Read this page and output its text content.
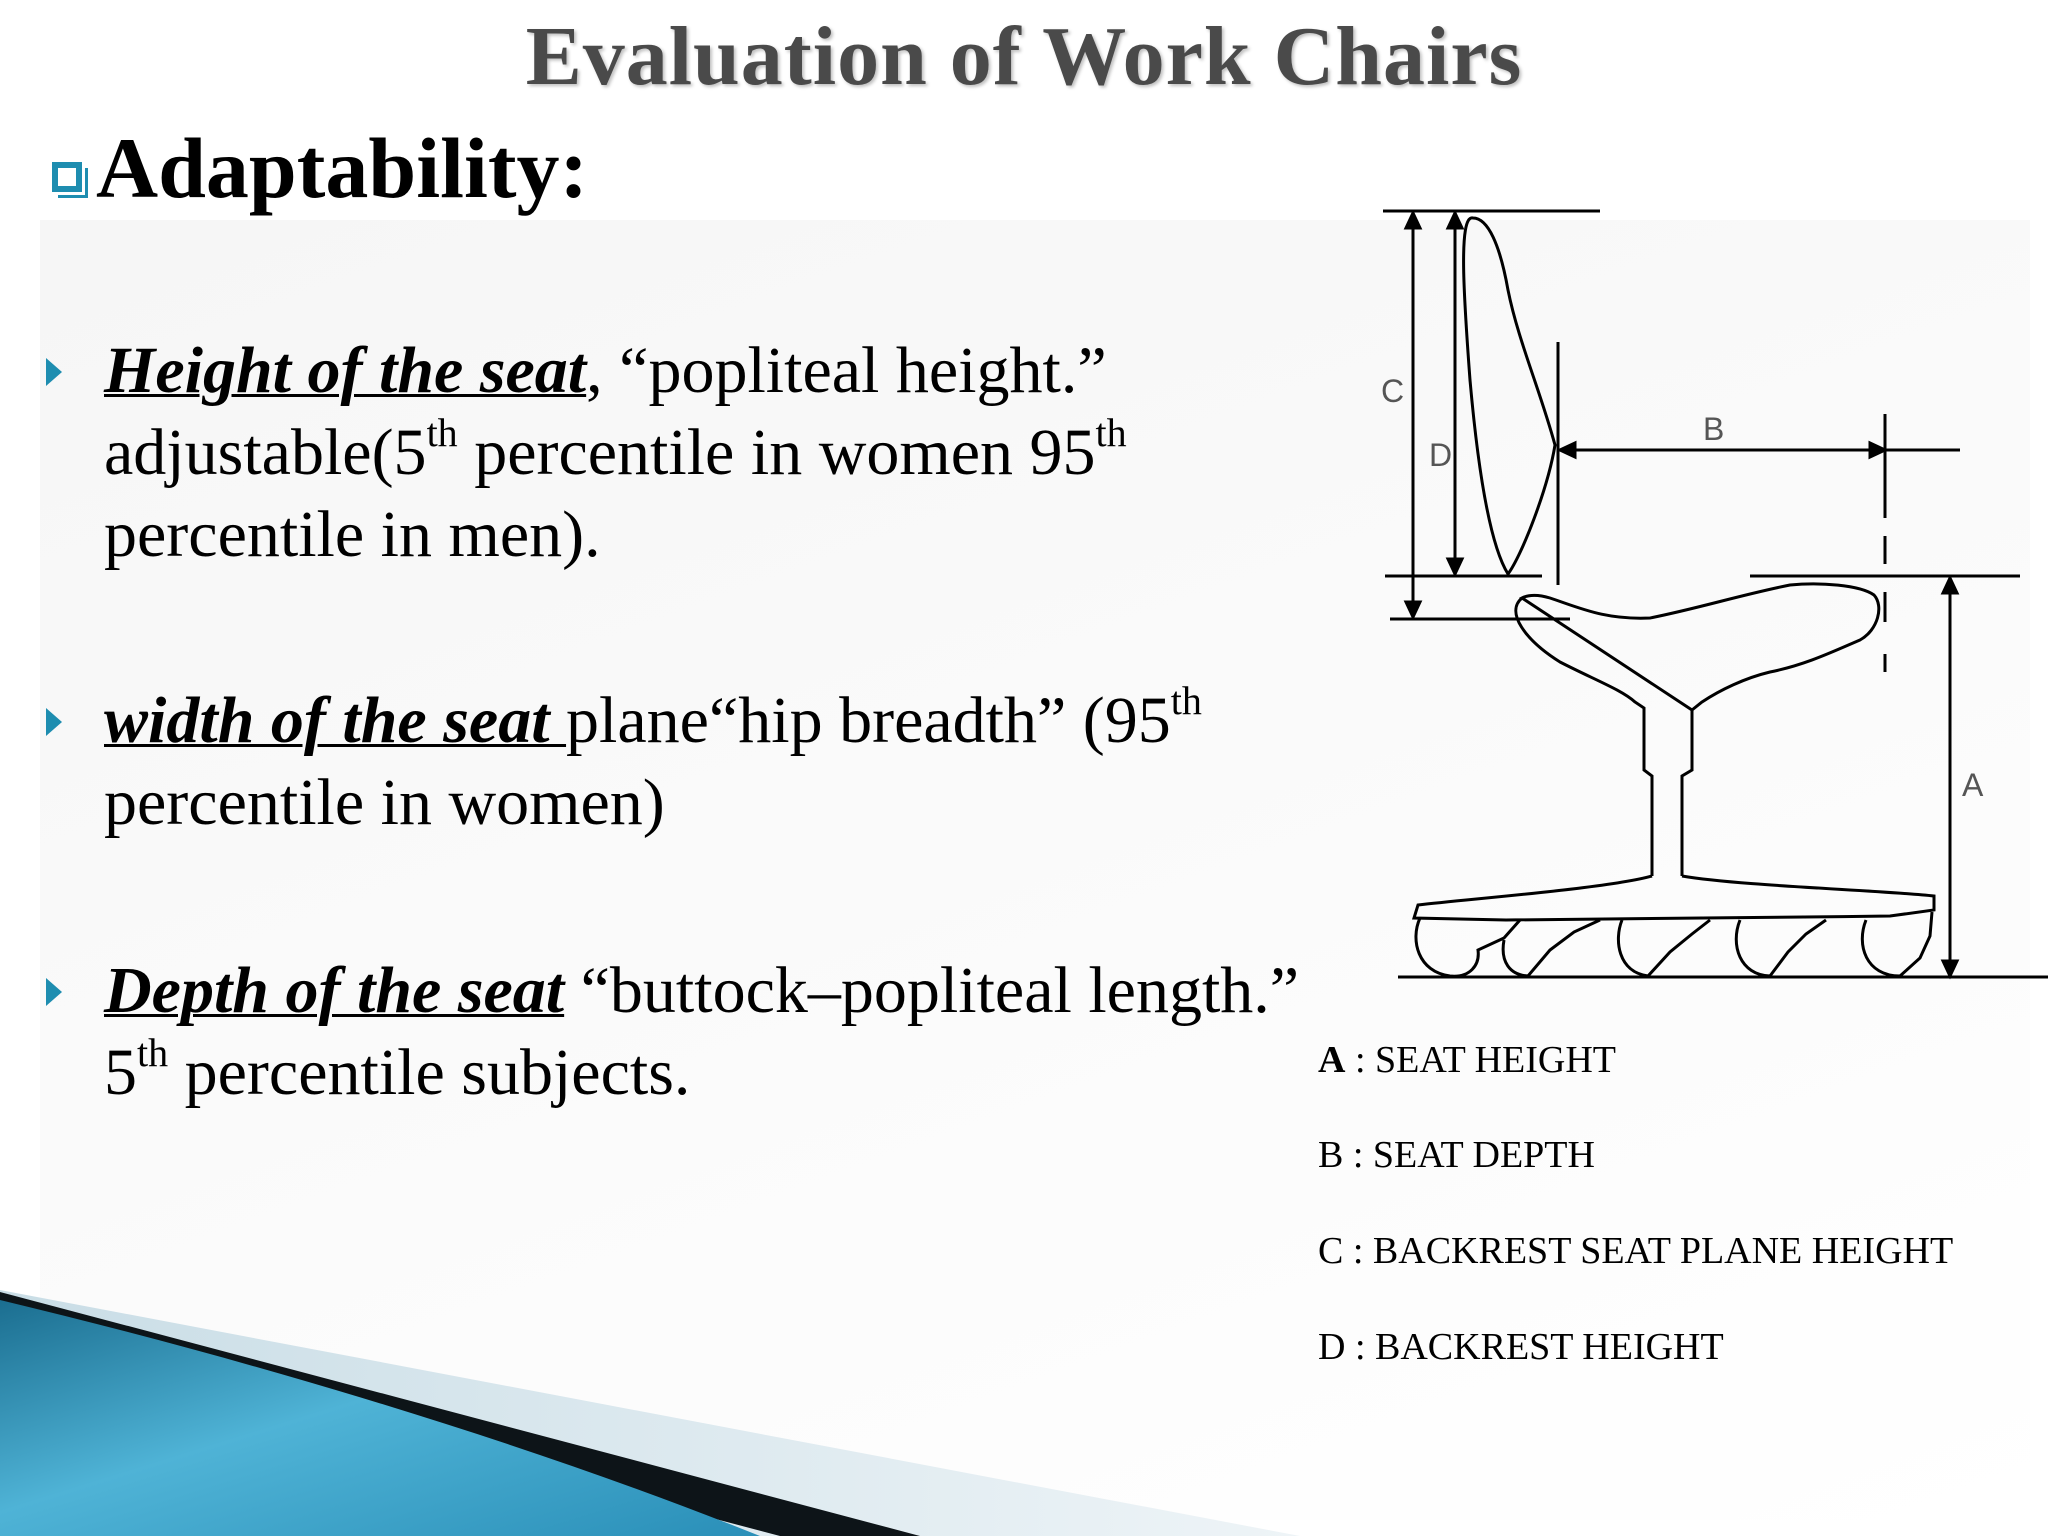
Evaluation of Work Chairs
Adaptability:
Height of the seat, “popliteal height.” adjustable(5th percentile in women 95th percentile in men).
width of the seat plane“hip breadth” (95th percentile in women)
Depth of the seat “buttock–popliteal length.” 5th percentile subjects.
C
D
B
A
A : SEAT HEIGHT
B : SEAT DEPTH
C : BACKREST SEAT PLANE HEIGHT
D : BACKREST HEIGHT
